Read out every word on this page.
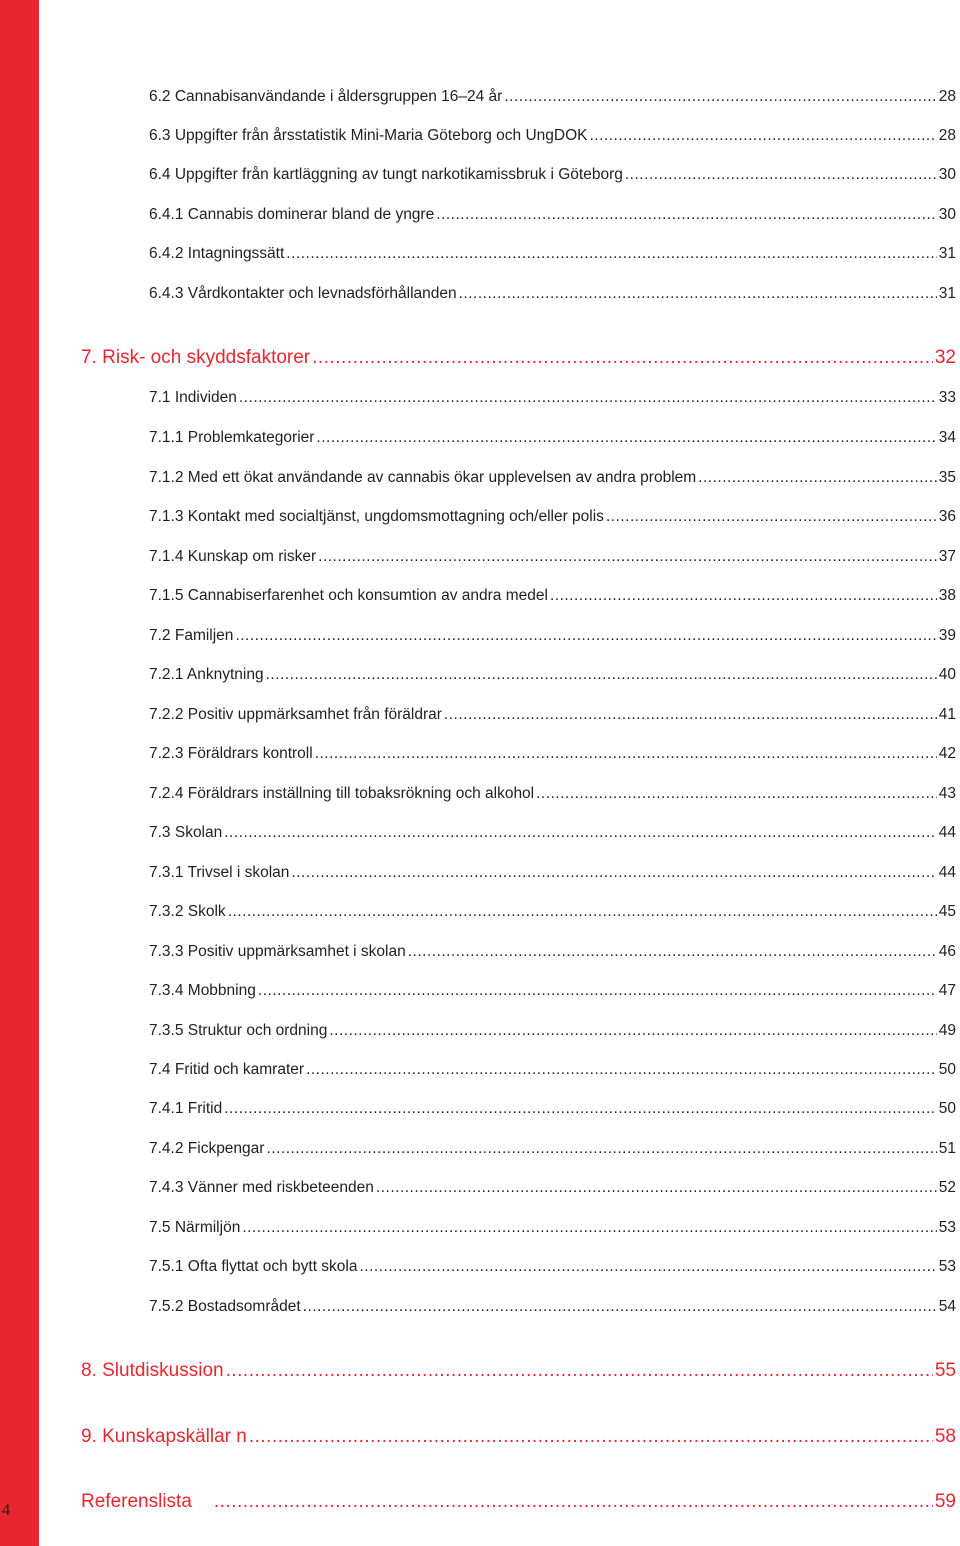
4
6.2 Cannabisanvändande i åldersgruppen 16–24 år .....	28
6.3 Uppgifter från årsstatistik Mini-Maria Göteborg och UngDOK .....	28
6.4 Uppgifter från kartläggning av tungt narkotikamissbruk i Göteborg .....	30
6.4.1 Cannabis dominerar bland de yngre .....	30
6.4.2 Intagningssätt .....	31
6.4.3 Vårdkontakter och levnadsförhållanden .....	31
7. Risk- och skyddsfaktorer .....	32
7.1 Individen .....	33
7.1.1 Problemkategorier .....	34
7.1.2 Med ett ökat användande av cannabis ökar upplevelsen av andra problem .....	35
7.1.3 Kontakt med socialtjänst, ungdomsmottagning och/eller polis .....	36
7.1.4 Kunskap om risker .....	37
7.1.5 Cannabiserfarenhet och konsumtion av andra medel .....	38
7.2 Familjen .....	39
7.2.1 Anknytning .....	40
7.2.2 Positiv uppmärksamhet från föräldrar .....	41
7.2.3 Föräldrars kontroll .....	42
7.2.4 Föräldrars inställning till tobaksrökning och alkohol .....	43
7.3 Skolan .....	44
7.3.1 Trivsel i skolan .....	44
7.3.2 Skolk .....	45
7.3.3 Positiv uppmärksamhet i skolan .....	46
7.3.4 Mobbning .....	47
7.3.5 Struktur och ordning .....	49
7.4 Fritid och kamrater .....	50
7.4.1 Fritid .....	50
7.4.2 Fickpengar .....	51
7.4.3 Vänner med riskbeteenden .....	52
7.5 Närmiljön .....	53
7.5.1 Ofta flyttat och bytt skola .....	53
7.5.2 Bostadsområdet .....	54
8. Slutdiskussion .....	55
9. Kunskapskällar n .....	58
Referenslista .....	59
